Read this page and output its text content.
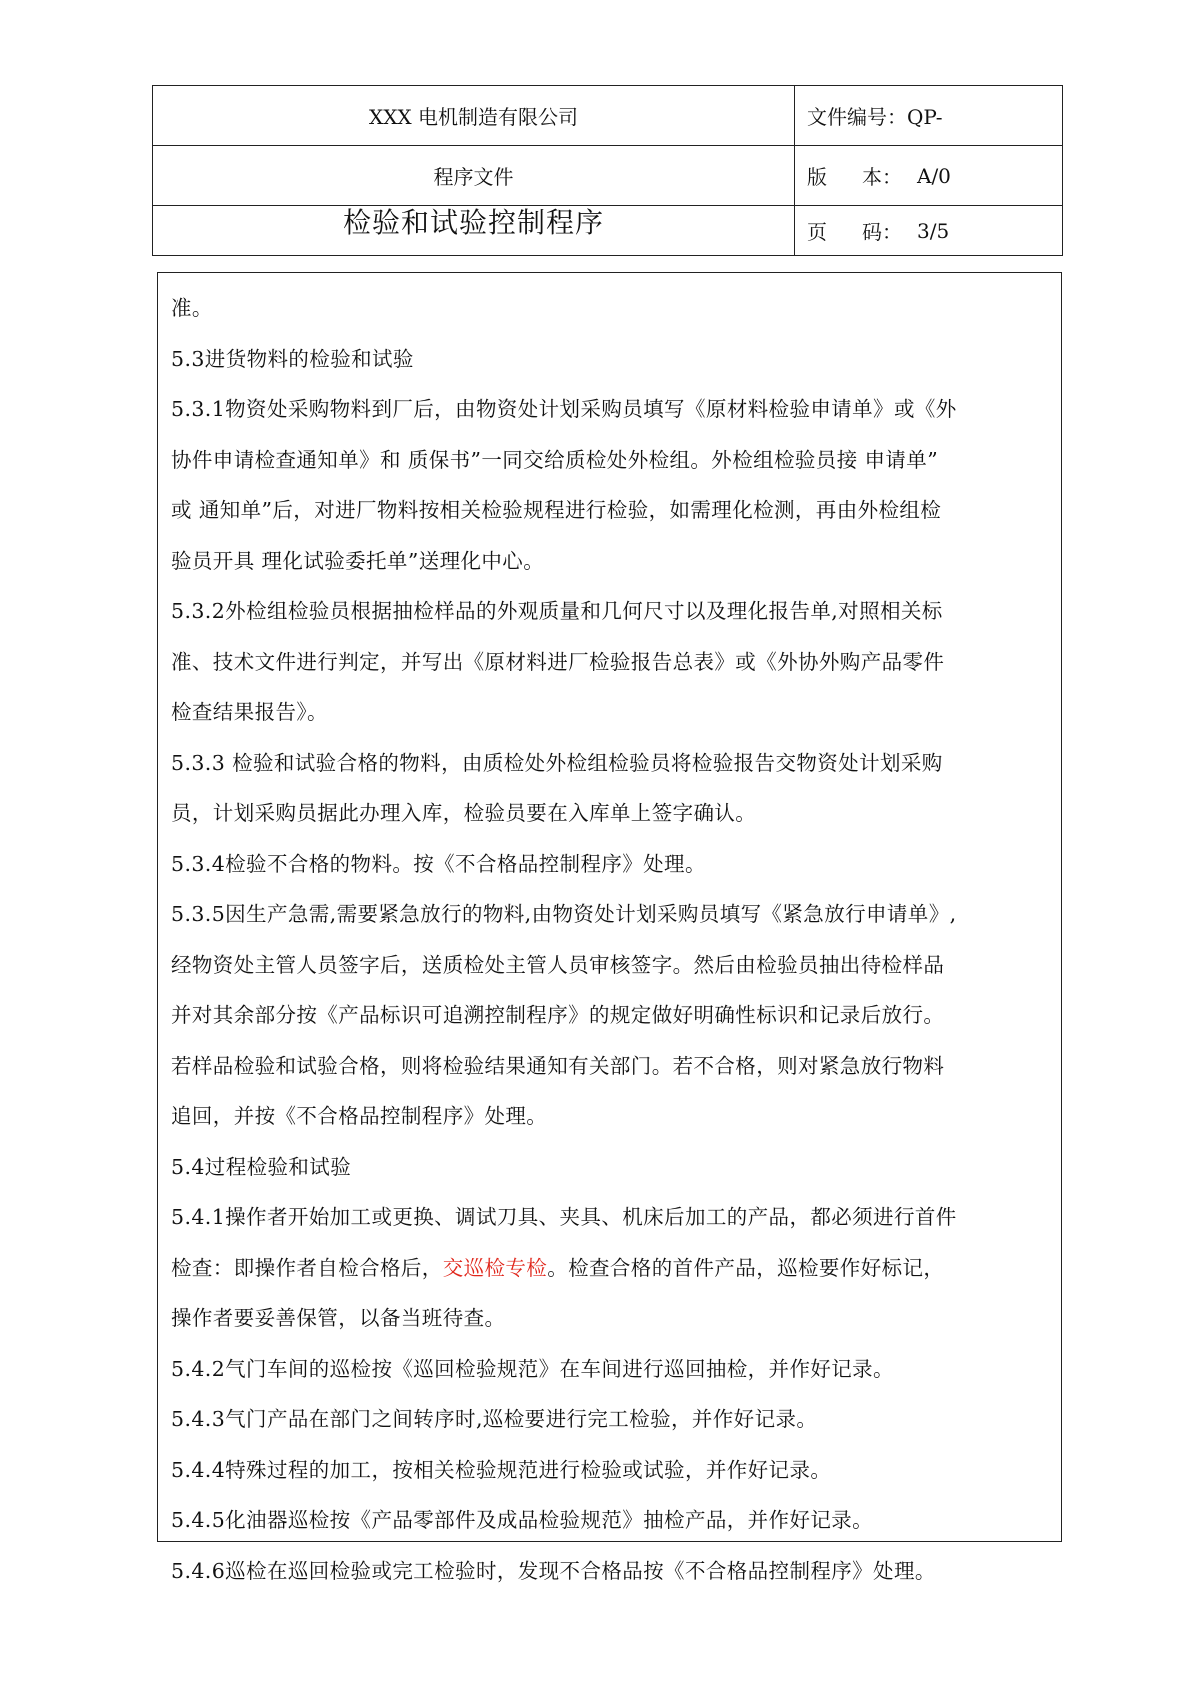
XXX 电机制造有限公司	文件编号：QP-
程序文件	版 本： A/0

检验和试验控制程序	页 码： 3/5

准。

5.3进货物料的检验和试验

5.3.1物资处采购物料到厂后，由物资处计划采购员填写《原材料检验申请单》或《外

协件申请检查通知单》和 质保书”一同交给质检处外检组。外检组检验员接 申请单”

或 通知单”后，对进厂物料按相关检验规程进行检验，如需理化检测，再由外检组检

验员开具 理化试验委托单”送理化中心。

5.3.2外检组检验员根据抽检样品的外观质量和几何尺寸以及理化报告单,对照相关标

准、技术文件进行判定，并写出《原材料进厂检验报告总表》或《外协外购产品零件

检查结果报告》。

5.3.3 检验和试验合格的物料，由质检处外检组检验员将检验报告交物资处计划采购

员，计划采购员据此办理入库，检验员要在入库单上签字确认。

5.3.4检验不合格的物料。按《不合格品控制程序》处理。

5.3.5因生产急需,需要紧急放行的物料,由物资处计划采购员填写《紧急放行申请单》,

经物资处主管人员签字后，送质检处主管人员审核签字。然后由检验员抽出待检样品

并对其余部分按《产品标识可追溯控制程序》的规定做好明确性标识和记录后放行。

若样品检验和试验合格，则将检验结果通知有关部门。若不合格，则对紧急放行物料

追回，并按《不合格品控制程序》处理。

5.4过程检验和试验

5.4.1操作者开始加工或更换、调试刀具、夹具、机床后加工的产品，都必须进行首件

检查：即操作者自检合格后，交巡检专检。检查合格的首件产品，巡检要作好标记，

操作者要妥善保管，以备当班待查。

5.4.2气门车间的巡检按《巡回检验规范》在车间进行巡回抽检，并作好记录。

5.4.3气门产品在部门之间转序时,巡检要进行完工检验，并作好记录。

5.4.4特殊过程的加工，按相关检验规范进行检验或试验，并作好记录。

5.4.5化油器巡检按《产品零部件及成品检验规范》抽检产品，并作好记录。

5.4.6巡检在巡回检验或完工检验时，发现不合格品按《不合格品控制程序》处理。
